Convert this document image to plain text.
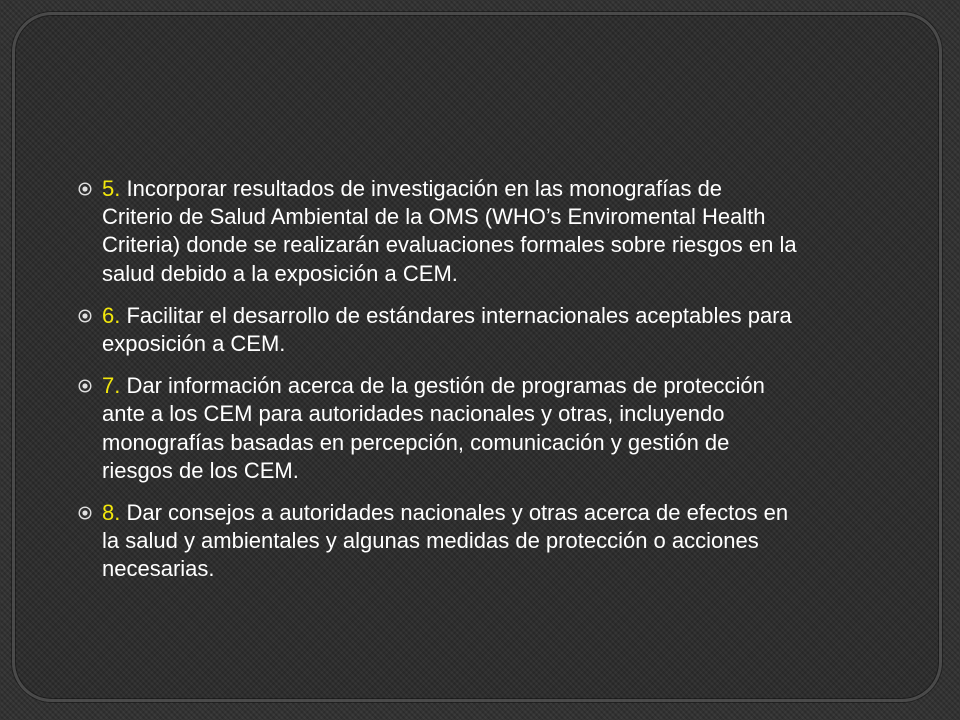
5. Incorporar resultados de investigación en las monografías de Criterio de Salud Ambiental de la OMS (WHO’s Enviromental Health Criteria) donde se realizarán evaluaciones formales sobre riesgos en la salud debido a la exposición a CEM.
6. Facilitar el desarrollo de estándares internacionales aceptables para exposición a CEM.
7. Dar información acerca de la gestión de programas de protección ante a los CEM para autoridades nacionales y otras, incluyendo monografías basadas en percepción, comunicación y gestión de riesgos de los CEM.
8. Dar consejos a autoridades nacionales y otras acerca de efectos en la salud y ambientales y algunas medidas de protección o acciones necesarias.
